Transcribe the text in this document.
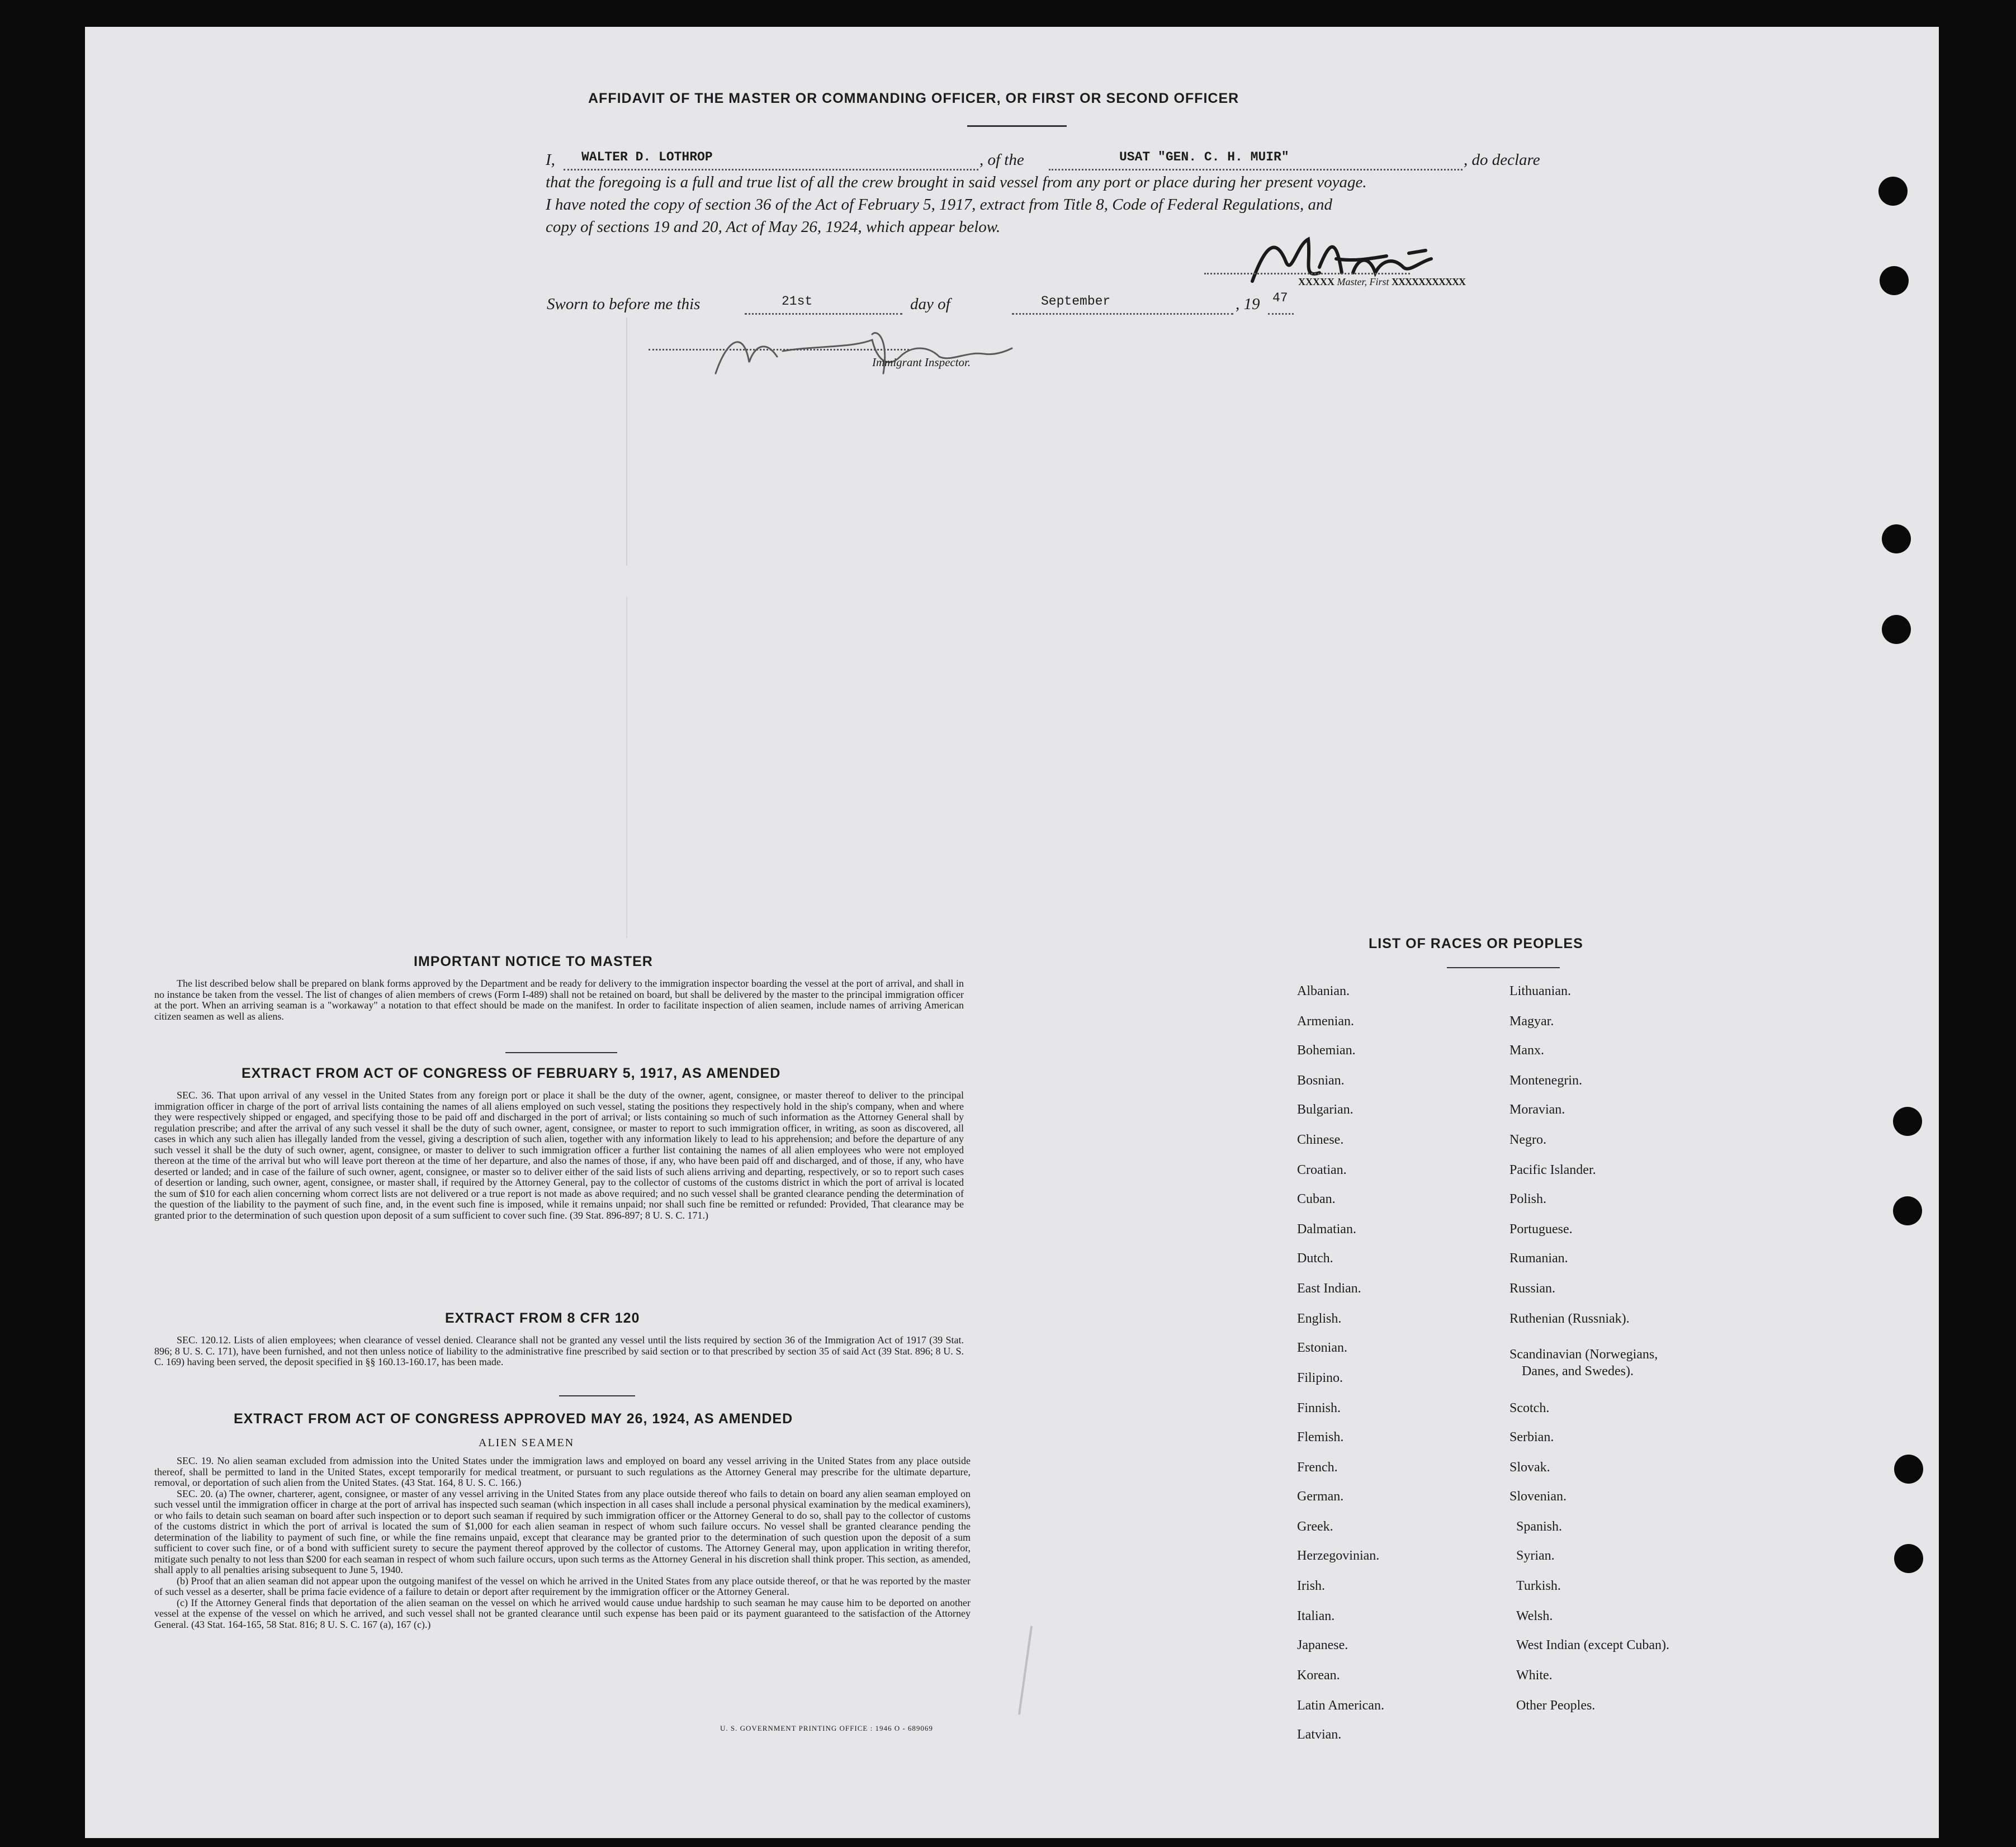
AFFIDAVIT OF THE MASTER OR COMMANDING OFFICER, OR FIRST OR SECOND OFFICER
I, WALTER D. LOTHROP	, of the	USAT "GEN. C. H. MUIR"	, do declare
that the foregoing is a full and true list of all the crew brought in said vessel from any port or place during her present voyage.
I have noted the copy of section 36 of the Act of February 5, 1917, extract from Title 8, Code of Federal Regulations, and
copy of sections 19 and 20, Act of May 26, 1924, which appear below.
XXXXX Master, First XXXXXXXXXXX
Sworn to before me this	21st	day of	September	, 19 47
Immigrant Inspector.
IMPORTANT NOTICE TO MASTER

The list described below shall be prepared on blank forms approved by the Department and be ready for delivery to the immigration inspector boarding the vessel at the port of arrival, and shall in no instance be taken from the vessel. The list of changes of alien members of crews (Form I-489) shall not be retained on board, but shall be delivered by the master to the principal immigration officer at the port. When an arriving seaman is a "workaway" a notation to that effect should be made on the manifest. In order to facilitate inspection of alien seamen, include names of arriving American citizen seamen as well as aliens.

EXTRACT FROM ACT OF CONGRESS OF FEBRUARY 5, 1917, AS AMENDED

SEC. 36. That upon arrival of any vessel in the United States from any foreign port or place it shall be the duty of the owner, agent, consignee, or master thereof to deliver to the principal immigration officer in charge of the port of arrival lists containing the names of all aliens employed on such vessel, stating the positions they respectively hold in the ship's company, when and where they were respectively shipped or engaged, and specifying those to be paid off and discharged in the port of arrival; or lists containing so much of such information as the Attorney General shall by regulation prescribe; and after the arrival of any such vessel it shall be the duty of such owner, agent, consignee, or master to report to such immigration officer, in writing, as soon as discovered, all cases in which any such alien has illegally landed from the vessel, giving a description of such alien, together with any information likely to lead to his apprehension; and before the departure of any such vessel it shall be the duty of such owner, agent, consignee, or master to deliver to such immigration officer a further list containing the names of all alien employees who were not employed thereon at the time of the arrival but who will leave port thereon at the time of her departure, and also the names of those, if any, who have been paid off and discharged, and of those, if any, who have deserted or landed; and in case of the failure of such owner, agent, consignee, or master so to deliver either of the said lists of such aliens arriving and departing, respectively, or so to report such cases of desertion or landing, such owner, agent, consignee, or master shall, if required by the Attorney General, pay to the collector of customs of the customs district in which the port of arrival is located the sum of $10 for each alien concerning whom correct lists are not delivered or a true report is not made as above required; and no such vessel shall be granted clearance pending the determination of the question of the liability to the payment of such fine, and, in the event such fine is imposed, while it remains unpaid; nor shall such fine be remitted or refunded: Provided, That clearance may be granted prior to the determination of such question upon deposit of a sum sufficient to cover such fine. (39 Stat. 896-897; 8 U. S. C. 171.)

EXTRACT FROM 8 CFR 120

SEC. 120.12. Lists of alien employees; when clearance of vessel denied. Clearance shall not be granted any vessel until the lists required by section 36 of the Immigration Act of 1917 (39 Stat. 896; 8 U. S. C. 171), have been furnished, and not then unless notice of liability to the administrative fine prescribed by said section or to that prescribed by section 35 of said Act (39 Stat. 896; 8 U. S. C. 169) having been served, the deposit specified in §§ 160.13-160.17, has been made.

EXTRACT FROM ACT OF CONGRESS APPROVED MAY 26, 1924, AS AMENDED
ALIEN SEAMEN

SEC. 19. No alien seaman excluded from admission into the United States under the immigration laws and employed on board any vessel arriving in the United States from any place outside thereof, shall be permitted to land in the United States, except temporarily for medical treatment, or pursuant to such regulations as the Attorney General may prescribe for the ultimate departure, removal, or deportation of such alien from the United States. (43 Stat. 164, 8 U. S. C. 166.)

SEC. 20. (a) The owner, charterer, agent, consignee, or master of any vessel arriving in the United States from any place outside thereof who fails to detain on board any alien seaman employed on such vessel until the immigration officer in charge at the port of arrival has inspected such seaman (which inspection in all cases shall include a personal physical examination by the medical examiners), or who fails to detain such seaman on board after such inspection or to deport such seaman if required by such immigration officer or the Attorney General to do so, shall pay to the collector of customs of the customs district in which the port of arrival is located the sum of $1,000 for each alien seaman in respect of whom such failure occurs. No vessel shall be granted clearance pending the determination of the liability to payment of such fine, or while the fine remains unpaid, except that clearance may be granted prior to the determination of such question upon the deposit of a sum sufficient to cover such fine, or of a bond with sufficient surety to secure the payment thereof approved by the collector of customs. The Attorney General may, upon application in writing therefor, mitigate such penalty to not less than $200 for each seaman in respect of whom such failure occurs, upon such terms as the Attorney General in his discretion shall think proper. This section, as amended, shall apply to all penalties arising subsequent to June 5, 1940.

(b) Proof that an alien seaman did not appear upon the outgoing manifest of the vessel on which he arrived in the United States from any place outside thereof, or that he was reported by the master of such vessel as a deserter, shall be prima facie evidence of a failure to detain or deport after requirement by the immigration officer or the Attorney General.

(c) If the Attorney General finds that deportation of the alien seaman on the vessel on which he arrived would cause undue hardship to such seaman he may cause him to be deported on another vessel at the expense of the vessel on which he arrived, and such vessel shall not be granted clearance until such expense has been paid or its payment guaranteed to the satisfaction of the Attorney General. (43 Stat. 164-165, 58 Stat. 816; 8 U. S. C. 167 (a), 167 (c).)

U. S. GOVERNMENT PRINTING OFFICE : 1946 O - 689069
LIST OF RACES OR PEOPLES
Albanian.
Armenian.
Bohemian.
Bosnian.
Bulgarian.
Chinese.
Croatian.
Cuban.
Dalmatian.
Dutch.
East Indian.
English.
Estonian.
Filipino.
Finnish.
Flemish.
French.
German.
Greek.
Herzegovinian.
Irish.
Italian.
Japanese.
Korean.
Latin American.
Latvian.
Lithuanian.
Magyar.
Manx.
Montenegrin.
Moravian.
Negro.
Pacific Islander.
Polish.
Portuguese.
Rumanian.
Russian.
Ruthenian (Russniak).
Scandinavian (Norwegians,
Danes, and Swedes).
Scotch.
Serbian.
Slovak.
Slovenian.
Spanish.
Syrian.
Turkish.
Welsh.
West Indian (except Cuban).
White.
Other Peoples.
